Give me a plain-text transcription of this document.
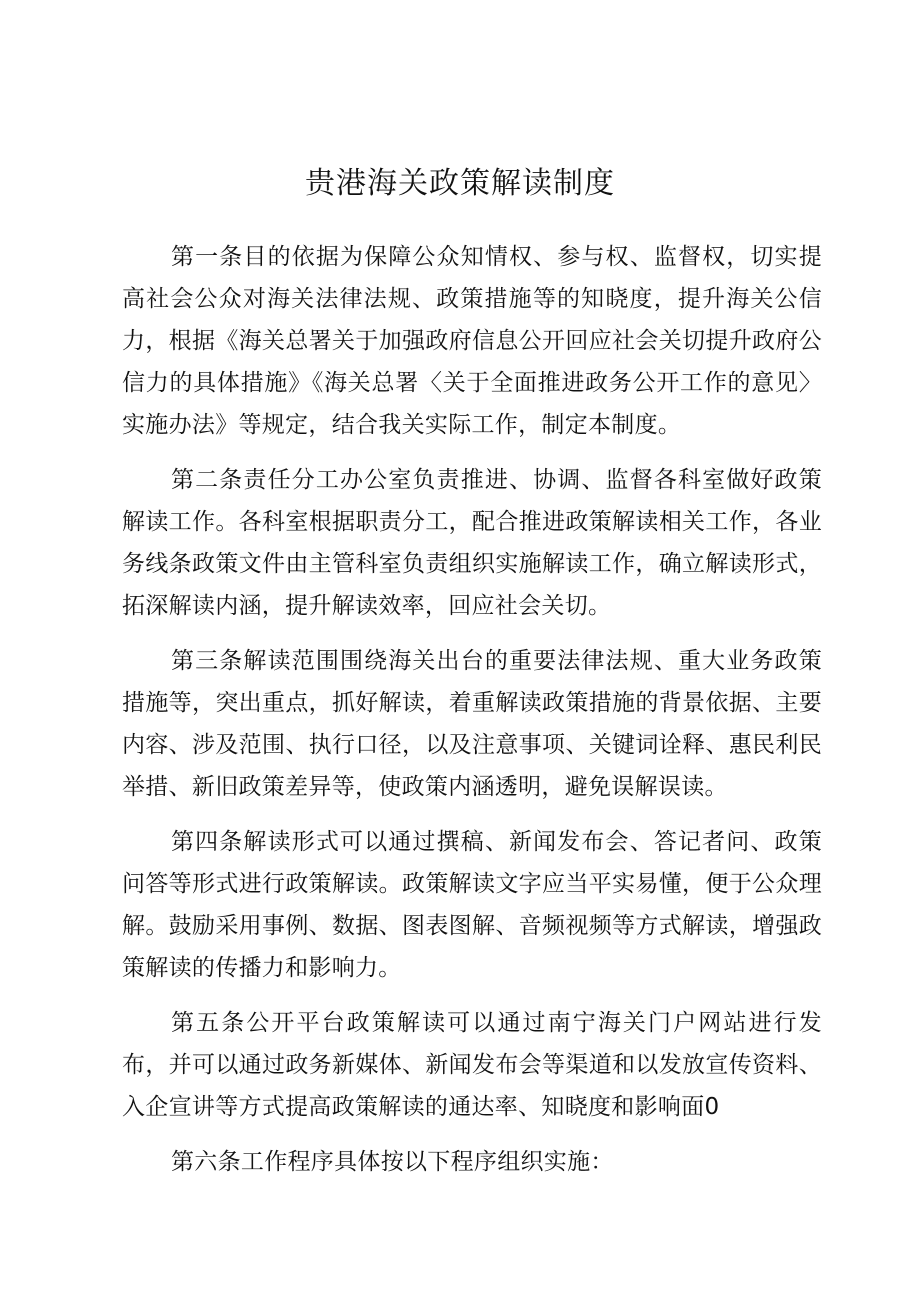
贵港海关政策解读制度

第一条目的依据为保障公众知情权、参与权、监督权，切实提高社会公众对海关法律法规、政策措施等的知晓度，提升海关公信力，根据《海关总署关于加强政府信息公开回应社会关切提升政府公信力的具体措施》《海关总署〈关于全面推进政务公开工作的意见〉实施办法》等规定，结合我关实际工作，制定本制度。

第二条责任分工办公室负责推进、协调、监督各科室做好政策解读工作。各科室根据职责分工，配合推进政策解读相关工作，各业务线条政策文件由主管科室负责组织实施解读工作，确立解读形式，拓深解读内涵，提升解读效率，回应社会关切。

第三条解读范围围绕海关出台的重要法律法规、重大业务政策措施等，突出重点，抓好解读，着重解读政策措施的背景依据、主要内容、涉及范围、执行口径，以及注意事项、关键词诠释、惠民利民举措、新旧政策差异等，使政策内涵透明，避免误解误读。

第四条解读形式可以通过撰稿、新闻发布会、答记者问、政策问答等形式进行政策解读。政策解读文字应当平实易懂，便于公众理解。鼓励采用事例、数据、图表图解、音频视频等方式解读，增强政策解读的传播力和影响力。

第五条公开平台政策解读可以通过南宁海关门户网站进行发布，并可以通过政务新媒体、新闻发布会等渠道和以发放宣传资料、入企宣讲等方式提高政策解读的通达率、知晓度和影响面0

第六条工作程序具体按以下程序组织实施：
